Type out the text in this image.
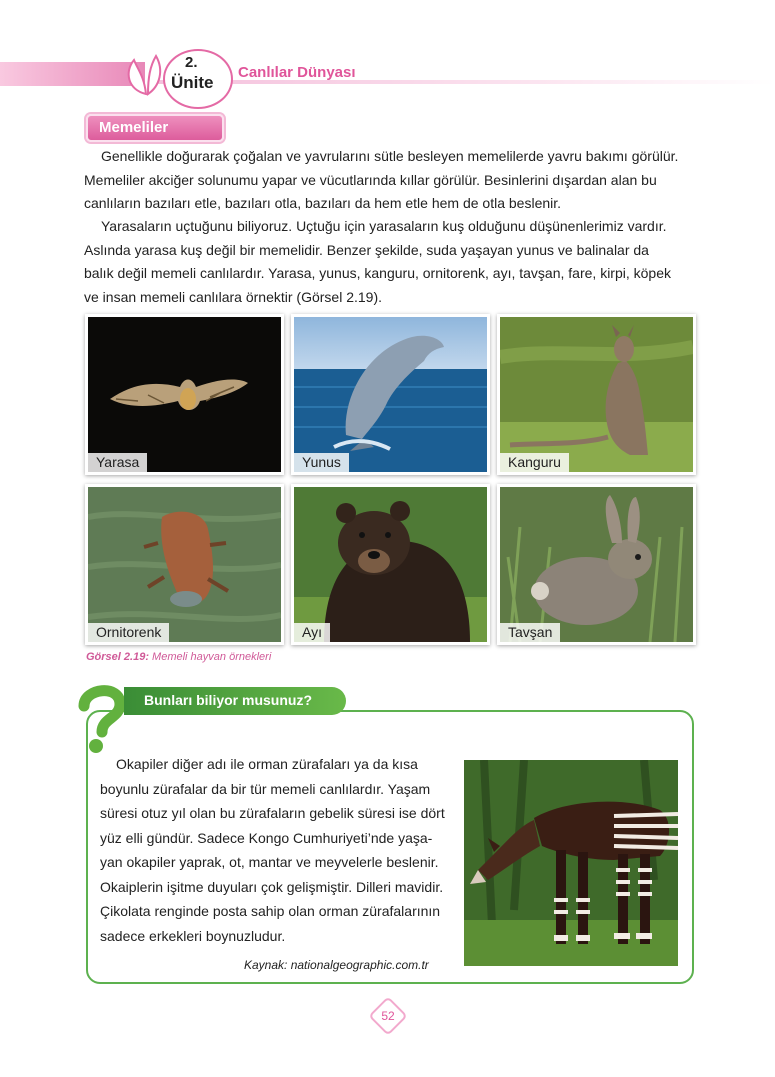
2.
Ünite
Canlılar Dünyası
Memeliler
Genellikle doğurarak çoğalan ve yavrularını sütle besleyen memelilerde yavru bakımı görülür.
Memeliler akciğer solunumu yapar ve vücutlarında kıllar görülür. Besinlerini dışardan alan bu
canlıların bazıları etle, bazıları otla, bazıları da hem etle hem de otla beslenir.
Yarasaların uçtuğunu biliyoruz. Uçtuğu için yarasaların kuş olduğunu düşünenlerimiz vardır.
Aslında yarasa kuş değil bir memelidir. Benzer şekilde, suda yaşayan yunus ve balinalar da
balık değil memeli canlılardır. Yarasa, yunus, kanguru, ornitorenk, ayı, tavşan, fare, kirpi, köpek
ve insan memeli canlılara örnektir (Görsel 2.19).
Yarasa	Yunus	Kanguru
Ornitorenk	Ayı	Tavşan
Görsel 2.19: Memeli hayvan örnekleri
Bunları biliyor musunuz?
Okapiler diğer adı ile orman zürafaları ya da kısa
boyunlu zürafalar da bir tür memeli canlılardır. Yaşam
süresi otuz yıl olan bu zürafaların gebelik süresi ise dört
yüz elli gündür. Sadece Kongo Cumhuriyeti’nde yaşa-
yan okapiler yaprak, ot, mantar ve meyvelerle beslenir.
Okaiplerin işitme duyuları çok gelişmiştir. Dilleri mavidir.
Çikolata renginde posta sahip olan orman zürafalarının
sadece erkekleri boynuzludur.
Kaynak: nationalgeographic.com.tr
52
